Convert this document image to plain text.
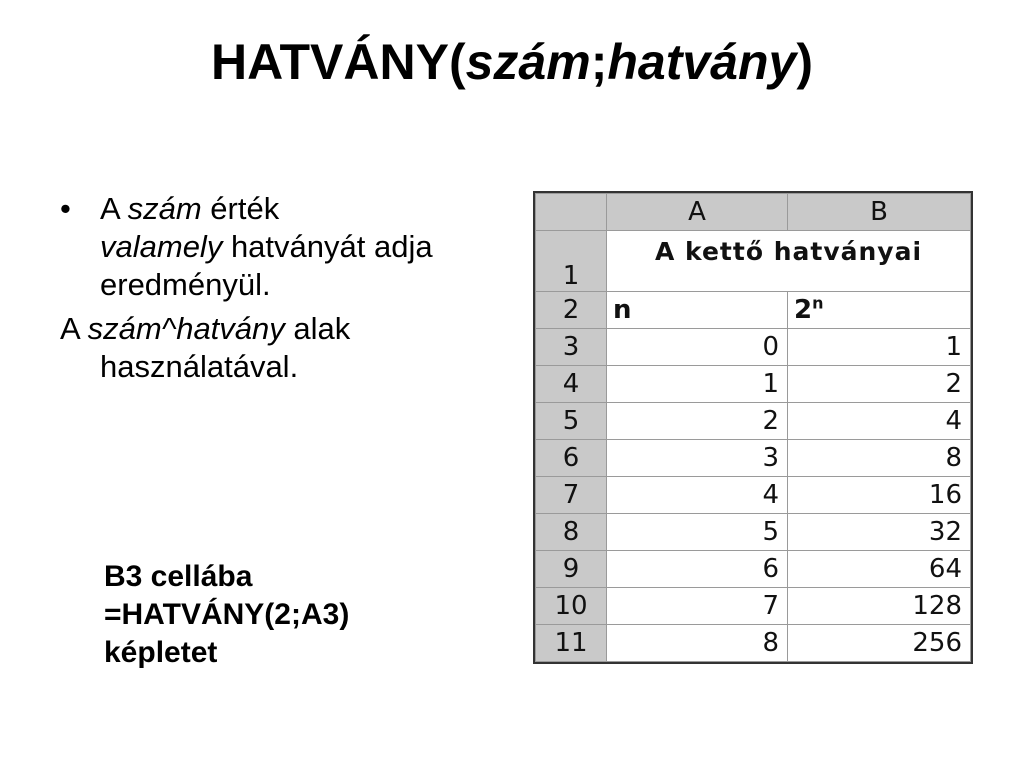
HATVÁNY(szám;hatvány)

• A szám érték
valamely hatványát adja eredményül.

A szám^hatvány alak használatával.

B3 cellába
=HATVÁNY(2;A3)
képletet
	A	B
1	A kettő hatványai	
2	n	2$^n$
3	0	1
4	1	2
5	2	4
6	3	8
7	4	16
8	5	32
9	6	64
10	7	128
11	8	256
